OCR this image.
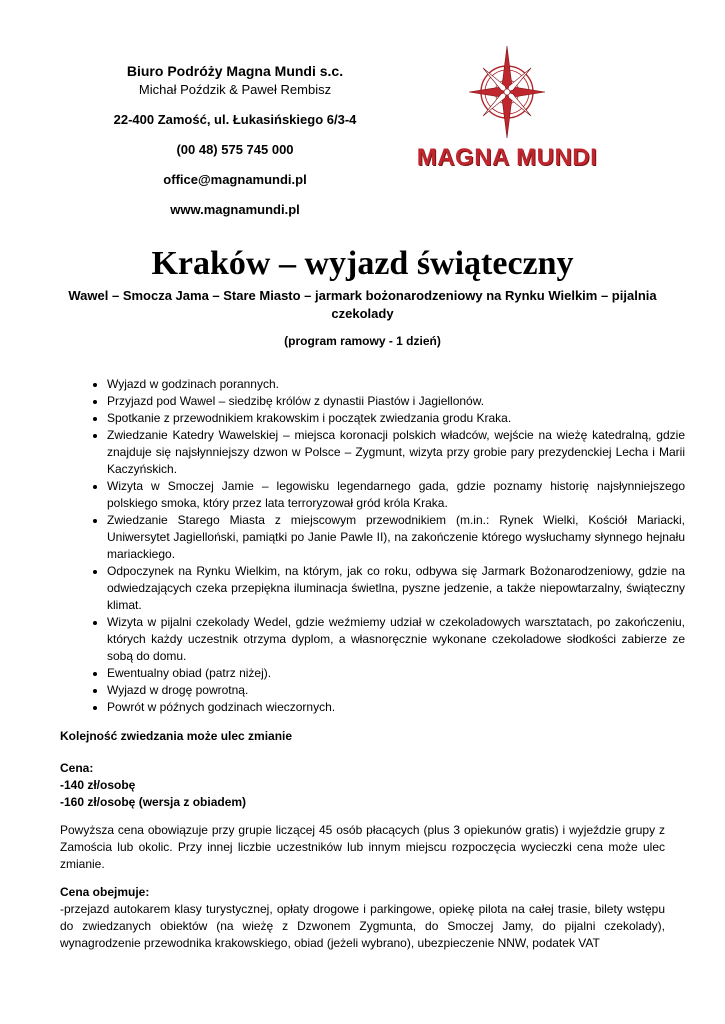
Biuro Podróży Magna Mundi s.c.
Michał Poździk & Paweł Rembisz
22-400 Zamość, ul. Łukasińskiego 6/3-4
(00 48) 575 745 000
office@magnamundi.pl
www.magnamundi.pl
MAGNA MUNDI
Kraków – wyjazd świąteczny
Wawel – Smocza Jama – Stare Miasto – jarmark bożonarodzeniowy na Rynku Wielkim – pijalnia czekolady
(program ramowy - 1 dzień)
• Wyjazd w godzinach porannych.
• Przyjazd pod Wawel – siedzibę królów z dynastii Piastów i Jagiellonów.
• Spotkanie z przewodnikiem krakowskim i początek zwiedzania grodu Kraka.
• Zwiedzanie Katedry Wawelskiej – miejsca koronacji polskich władców, wejście na wieżę katedralną, gdzie znajduje się najsłynniejszy dzwon w Polsce – Zygmunt, wizyta przy grobie pary prezydenckiej Lecha i Marii Kaczyńskich.
• Wizyta w Smoczej Jamie – legowisku legendarnego gada, gdzie poznamy historię najsłynniejszego polskiego smoka, który przez lata terroryzował gród króla Kraka.
• Zwiedzanie Starego Miasta z miejscowym przewodnikiem (m.in.: Rynek Wielki, Kościół Mariacki, Uniwersytet Jagielloński, pamiątki po Janie Pawle II), na zakończenie którego wysłuchamy słynnego hejnału mariackiego.
• Odpoczynek na Rynku Wielkim, na którym, jak co roku, odbywa się Jarmark Bożonarodzeniowy, gdzie na odwiedzających czeka przepiękna iluminacja świetlna, pyszne jedzenie, a także niepowtarzalny, świąteczny klimat.
• Wizyta w pijalni czekolady Wedel, gdzie weźmiemy udział w czekoladowych warsztatach, po zakończeniu, których każdy uczestnik otrzyma dyplom, a własnoręcznie wykonane czekoladowe słodkości zabierze ze sobą do domu.
• Ewentualny obiad (patrz niżej).
• Wyjazd w drogę powrotną.
• Powrót w późnych godzinach wieczornych.
Kolejność zwiedzania może ulec zmianie
Cena:
-140 zł/osobę
-160 zł/osobę (wersja z obiadem)
Powyższa cena obowiązuje przy grupie liczącej 45 osób płacących (plus 3 opiekunów gratis) i wyjeździe grupy z Zamościa lub okolic. Przy innej liczbie uczestników lub innym miejscu rozpoczęcia wycieczki cena może ulec zmianie.
Cena obejmuje:
-przejazd autokarem klasy turystycznej, opłaty drogowe i parkingowe, opiekę pilota na całej trasie, bilety wstępu do zwiedzanych obiektów (na wieżę z Dzwonem Zygmunta, do Smoczej Jamy, do pijalni czekolady), wynagrodzenie przewodnika krakowskiego, obiad (jeżeli wybrano), ubezpieczenie NNW, podatek VAT
